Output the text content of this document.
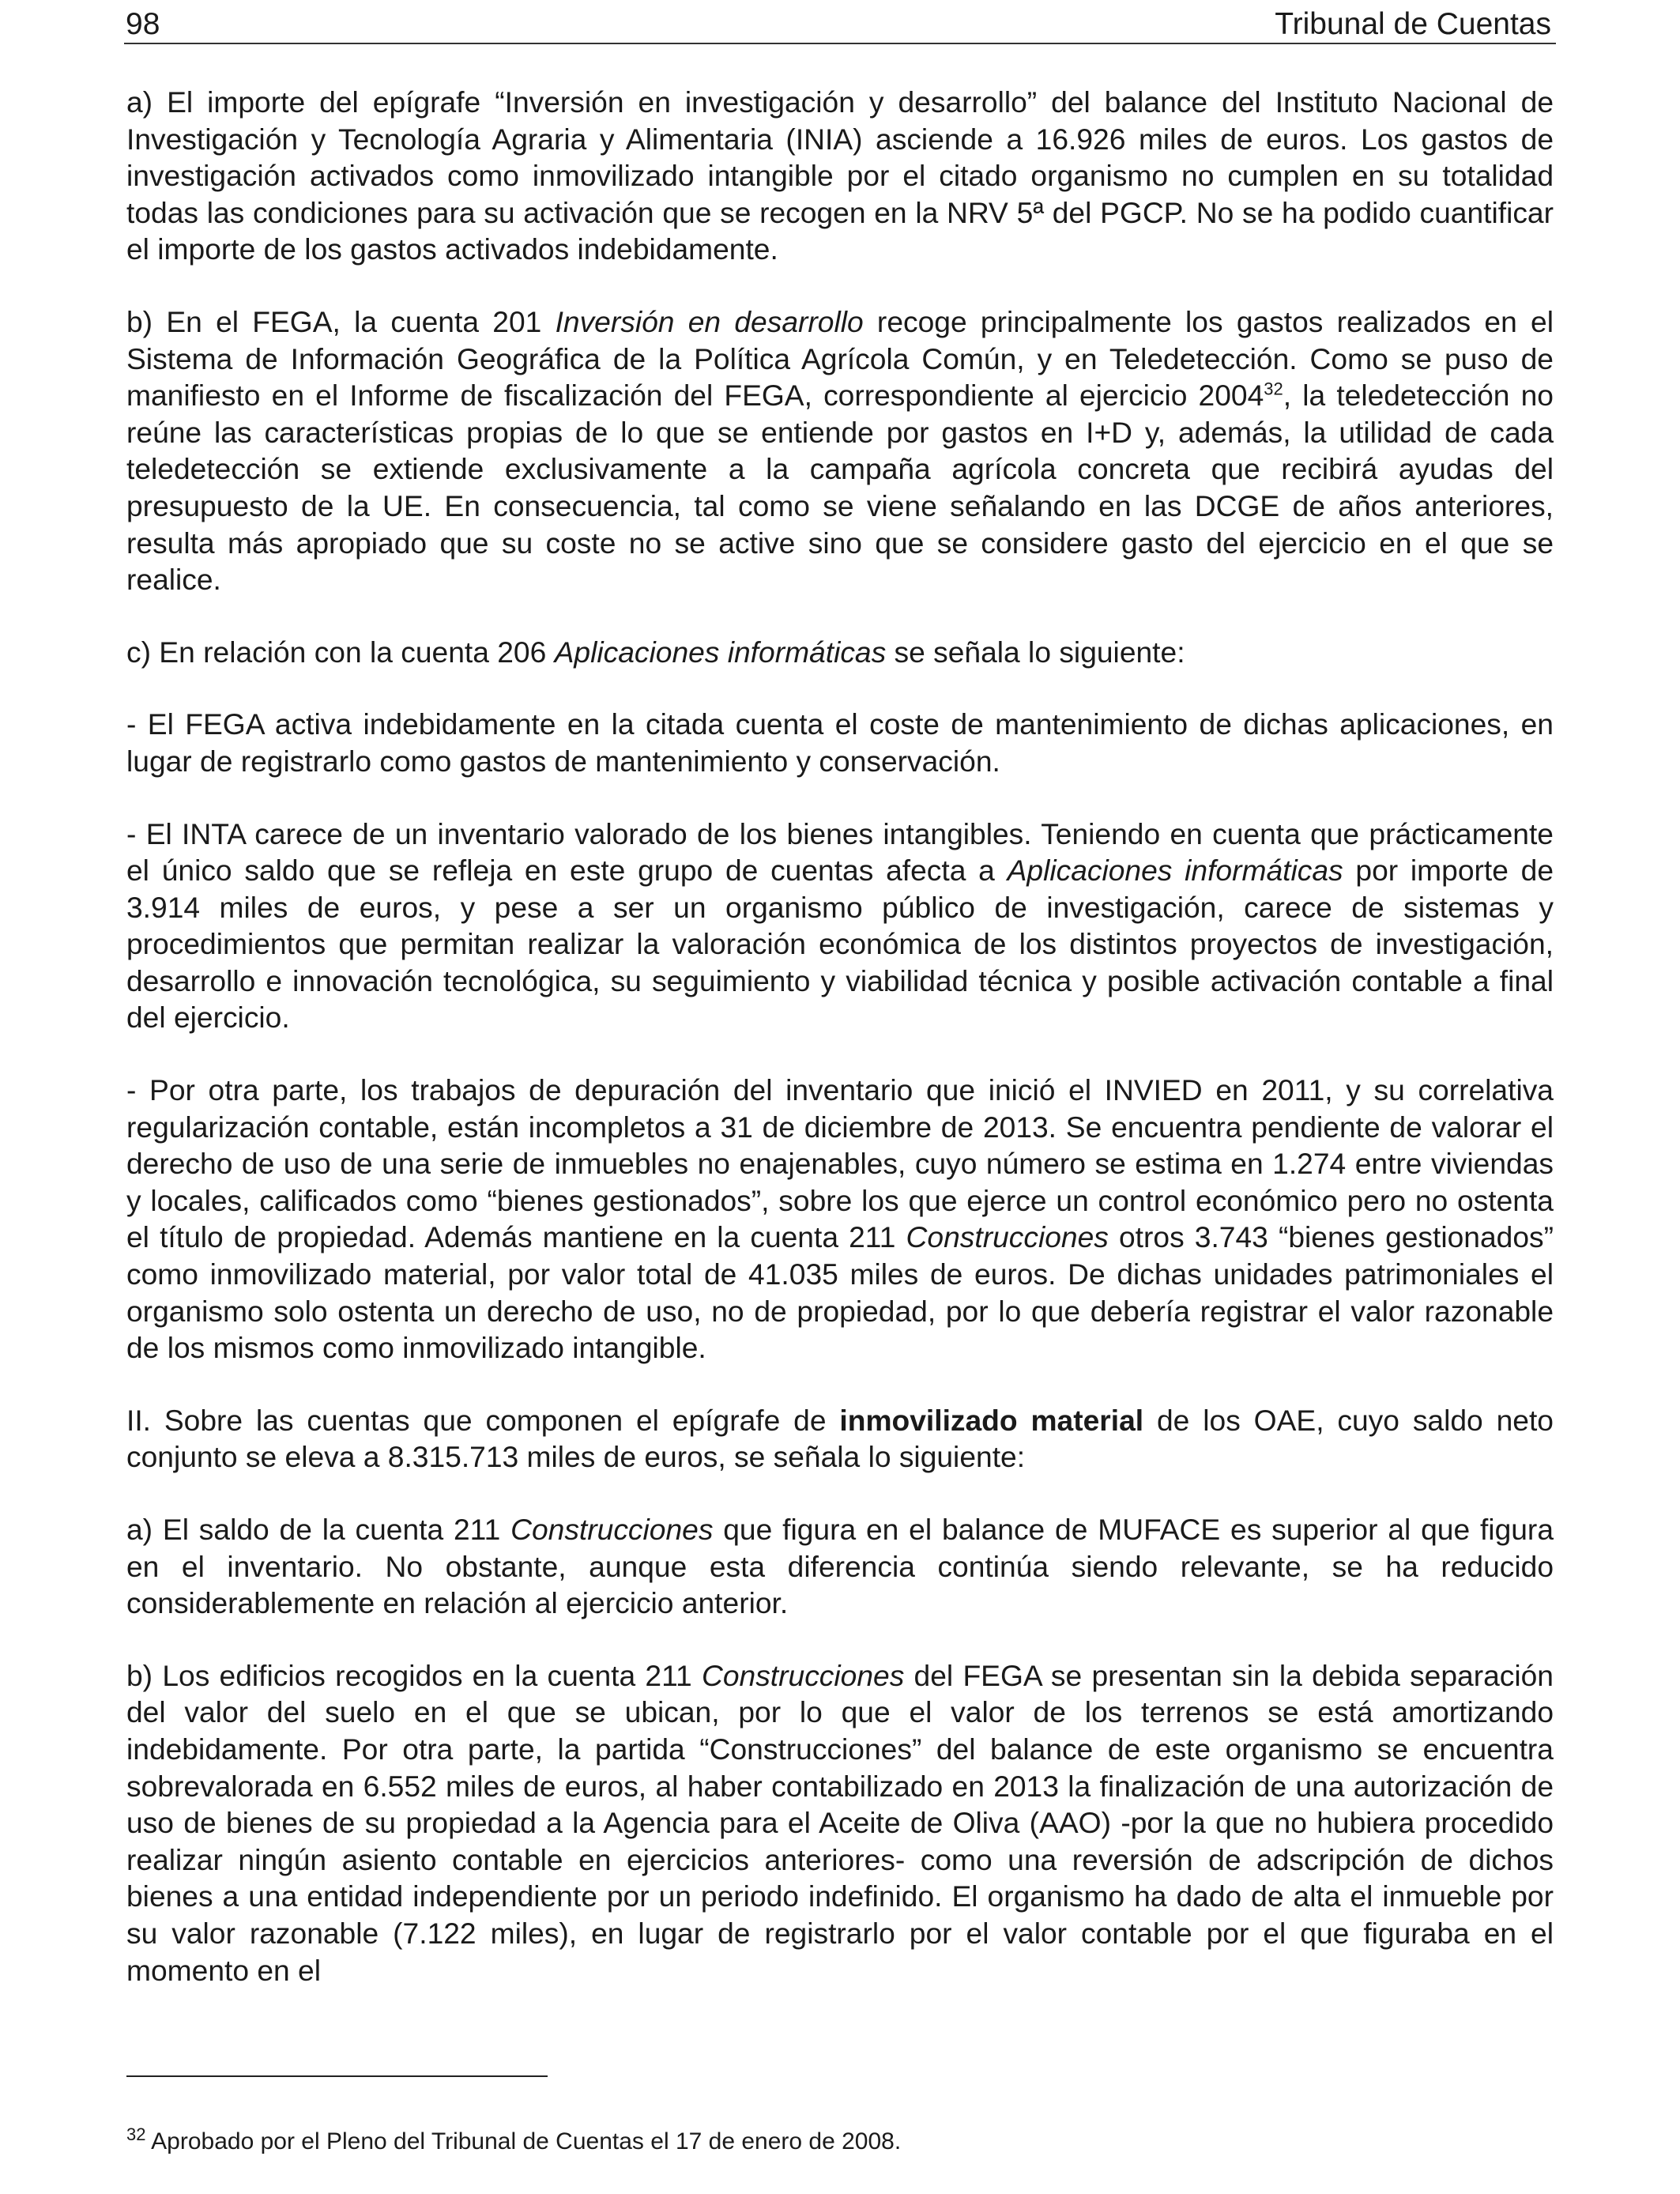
98	Tribunal de Cuentas

a) El importe del epígrafe “Inversión en investigación y desarrollo” del balance del Instituto Nacional de Investigación y Tecnología Agraria y Alimentaria (INIA) asciende a 16.926 miles de euros. Los gastos de investigación activados como inmovilizado intangible por el citado organismo no cumplen en su totalidad todas las condiciones para su activación que se recogen en la NRV 5ª del PGCP. No se ha podido cuantificar el importe de los gastos activados indebidamente.

b) En el FEGA, la cuenta 201 Inversión en desarrollo recoge principalmente los gastos realizados en el Sistema de Información Geográfica de la Política Agrícola Común, y en Teledetección. Como se puso de manifiesto en el Informe de fiscalización del FEGA, correspondiente al ejercicio 2004$^{32}$, la teledetección no reúne las características propias de lo que se entiende por gastos en I+D y, además, la utilidad de cada teledetección se extiende exclusivamente a la campaña agrícola concreta que recibirá ayudas del presupuesto de la UE. En consecuencia, tal como se viene señalando en las DCGE de años anteriores, resulta más apropiado que su coste no se active sino que se considere gasto del ejercicio en el que se realice.

c) En relación con la cuenta 206 Aplicaciones informáticas se señala lo siguiente:

- El FEGA activa indebidamente en la citada cuenta el coste de mantenimiento de dichas aplicaciones, en lugar de registrarlo como gastos de mantenimiento y conservación.

- El INTA carece de un inventario valorado de los bienes intangibles. Teniendo en cuenta que prácticamente el único saldo que se refleja en este grupo de cuentas afecta a Aplicaciones informáticas por importe de 3.914 miles de euros, y pese a ser un organismo público de investigación, carece de sistemas y procedimientos que permitan realizar la valoración económica de los distintos proyectos de investigación, desarrollo e innovación tecnológica, su seguimiento y viabilidad técnica y posible activación contable a final del ejercicio.

- Por otra parte, los trabajos de depuración del inventario que inició el INVIED en 2011, y su correlativa regularización contable, están incompletos a 31 de diciembre de 2013. Se encuentra pendiente de valorar el derecho de uso de una serie de inmuebles no enajenables, cuyo número se estima en 1.274 entre viviendas y locales, calificados como “bienes gestionados”, sobre los que ejerce un control económico pero no ostenta el título de propiedad. Además mantiene en la cuenta 211 Construcciones otros 3.743 “bienes gestionados” como inmovilizado material, por valor total de 41.035 miles de euros. De dichas unidades patrimoniales el organismo solo ostenta un derecho de uso, no de propiedad, por lo que debería registrar el valor razonable de los mismos como inmovilizado intangible.

II. Sobre las cuentas que componen el epígrafe de inmovilizado material de los OAE, cuyo saldo neto conjunto se eleva a 8.315.713 miles de euros, se señala lo siguiente:

a) El saldo de la cuenta 211 Construcciones que figura en el balance de MUFACE es superior al que figura en el inventario. No obstante, aunque esta diferencia continúa siendo relevante, se ha reducido considerablemente en relación al ejercicio anterior.

b) Los edificios recogidos en la cuenta 211 Construcciones del FEGA se presentan sin la debida separación del valor del suelo en el que se ubican, por lo que el valor de los terrenos se está amortizando indebidamente. Por otra parte, la partida “Construcciones” del balance de este organismo se encuentra sobrevalorada en 6.552 miles de euros, al haber contabilizado en 2013 la finalización de una autorización de uso de bienes de su propiedad a la Agencia para el Aceite de Oliva (AAO) -por la que no hubiera procedido realizar ningún asiento contable en ejercicios anteriores- como una reversión de adscripción de dichos bienes a una entidad independiente por un periodo indefinido. El organismo ha dado de alta el inmueble por su valor razonable (7.122 miles), en lugar de registrarlo por el valor contable por el que figuraba en el momento en el

$^{32}$ Aprobado por el Pleno del Tribunal de Cuentas el 17 de enero de 2008.
